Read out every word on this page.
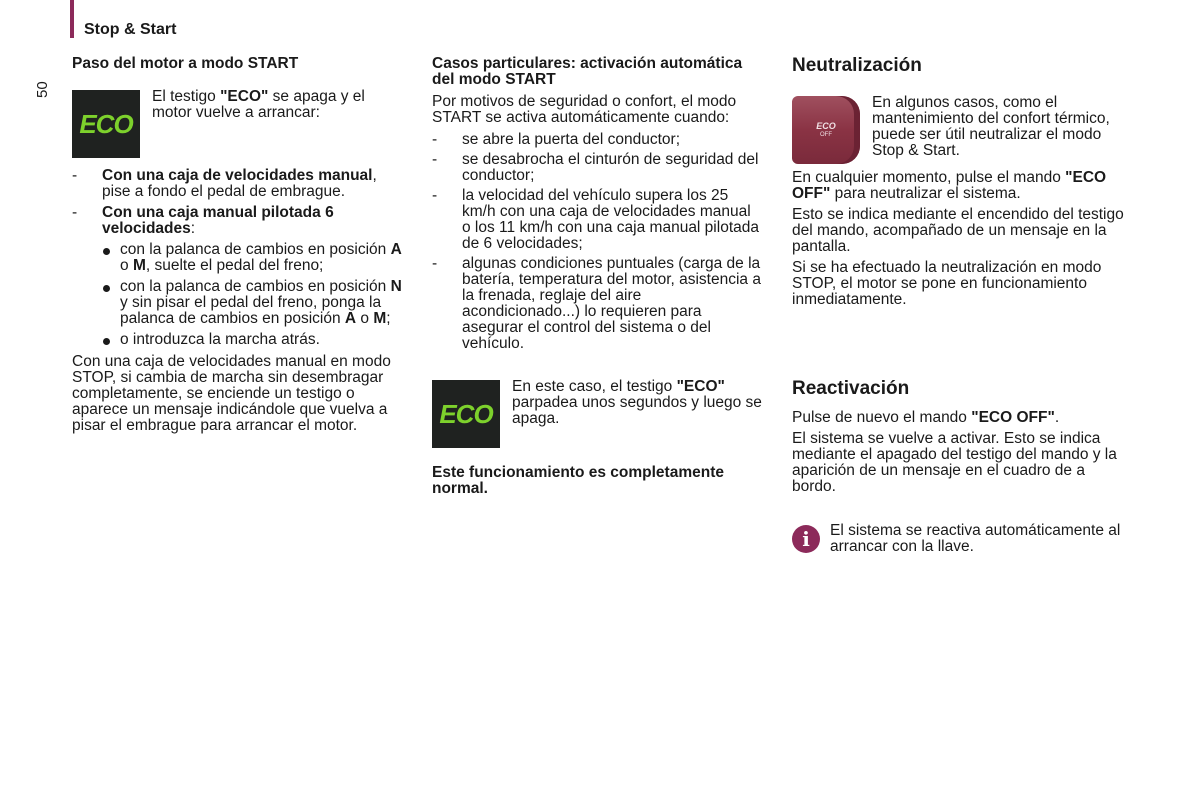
Stop & Start
50

Paso del motor a modo START

ECO

El testigo "ECO" se apaga y el motor vuelve a arrancar:

- Con una caja de velocidades manual, pise a fondo el pedal de embrague.
- Con una caja manual pilotada 6 velocidades:
con la palanca de cambios en posición A o M, suelte el pedal del freno;
con la palanca de cambios en posición N y sin pisar el pedal del freno, ponga la palanca de cambios en posición A o M;
o introduzca la marcha atrás.

Con una caja de velocidades manual en modo STOP, si cambia de marcha sin desembragar completamente, se enciende un testigo o aparece un mensaje indicándole que vuelva a pisar el embrague para arrancar el motor.

Casos particulares: activación automática del modo START

Por motivos de seguridad o confort, el modo START se activa automáticamente cuando:

- se abre la puerta del conductor;
- se desabrocha el cinturón de seguridad del conductor;
- la velocidad del vehículo supera los 25 km/h con una caja de velocidades manual o los 11 km/h con una caja manual pilotada de 6 velocidades;
- algunas condiciones puntuales (carga de la batería, temperatura del motor, asistencia a la frenada, reglaje del aire acondicionado...) lo requieren para asegurar el control del sistema o del vehículo.
ECO

En este caso, el testigo "ECO" parpadea unos segundos y luego se apaga.

Este funcionamiento es completamente normal.

Neutralización

ECO
OFF

En algunos casos, como el mantenimiento del confort térmico, puede ser útil neutralizar el modo Stop & Start.

En cualquier momento, pulse el mando "ECO OFF" para neutralizar el sistema.

Esto se indica mediante el encendido del testigo del mando, acompañado de un mensaje en la pantalla.

Si se ha efectuado la neutralización en modo STOP, el motor se pone en funcionamiento inmediatamente.

Reactivación

Pulse de nuevo el mando "ECO OFF".

El sistema se vuelve a activar. Esto se indica mediante el apagado del testigo del mando y la aparición de un mensaje en el cuadro de a bordo.

i	El sistema se reactiva automáticamente al arrancar con la llave.
